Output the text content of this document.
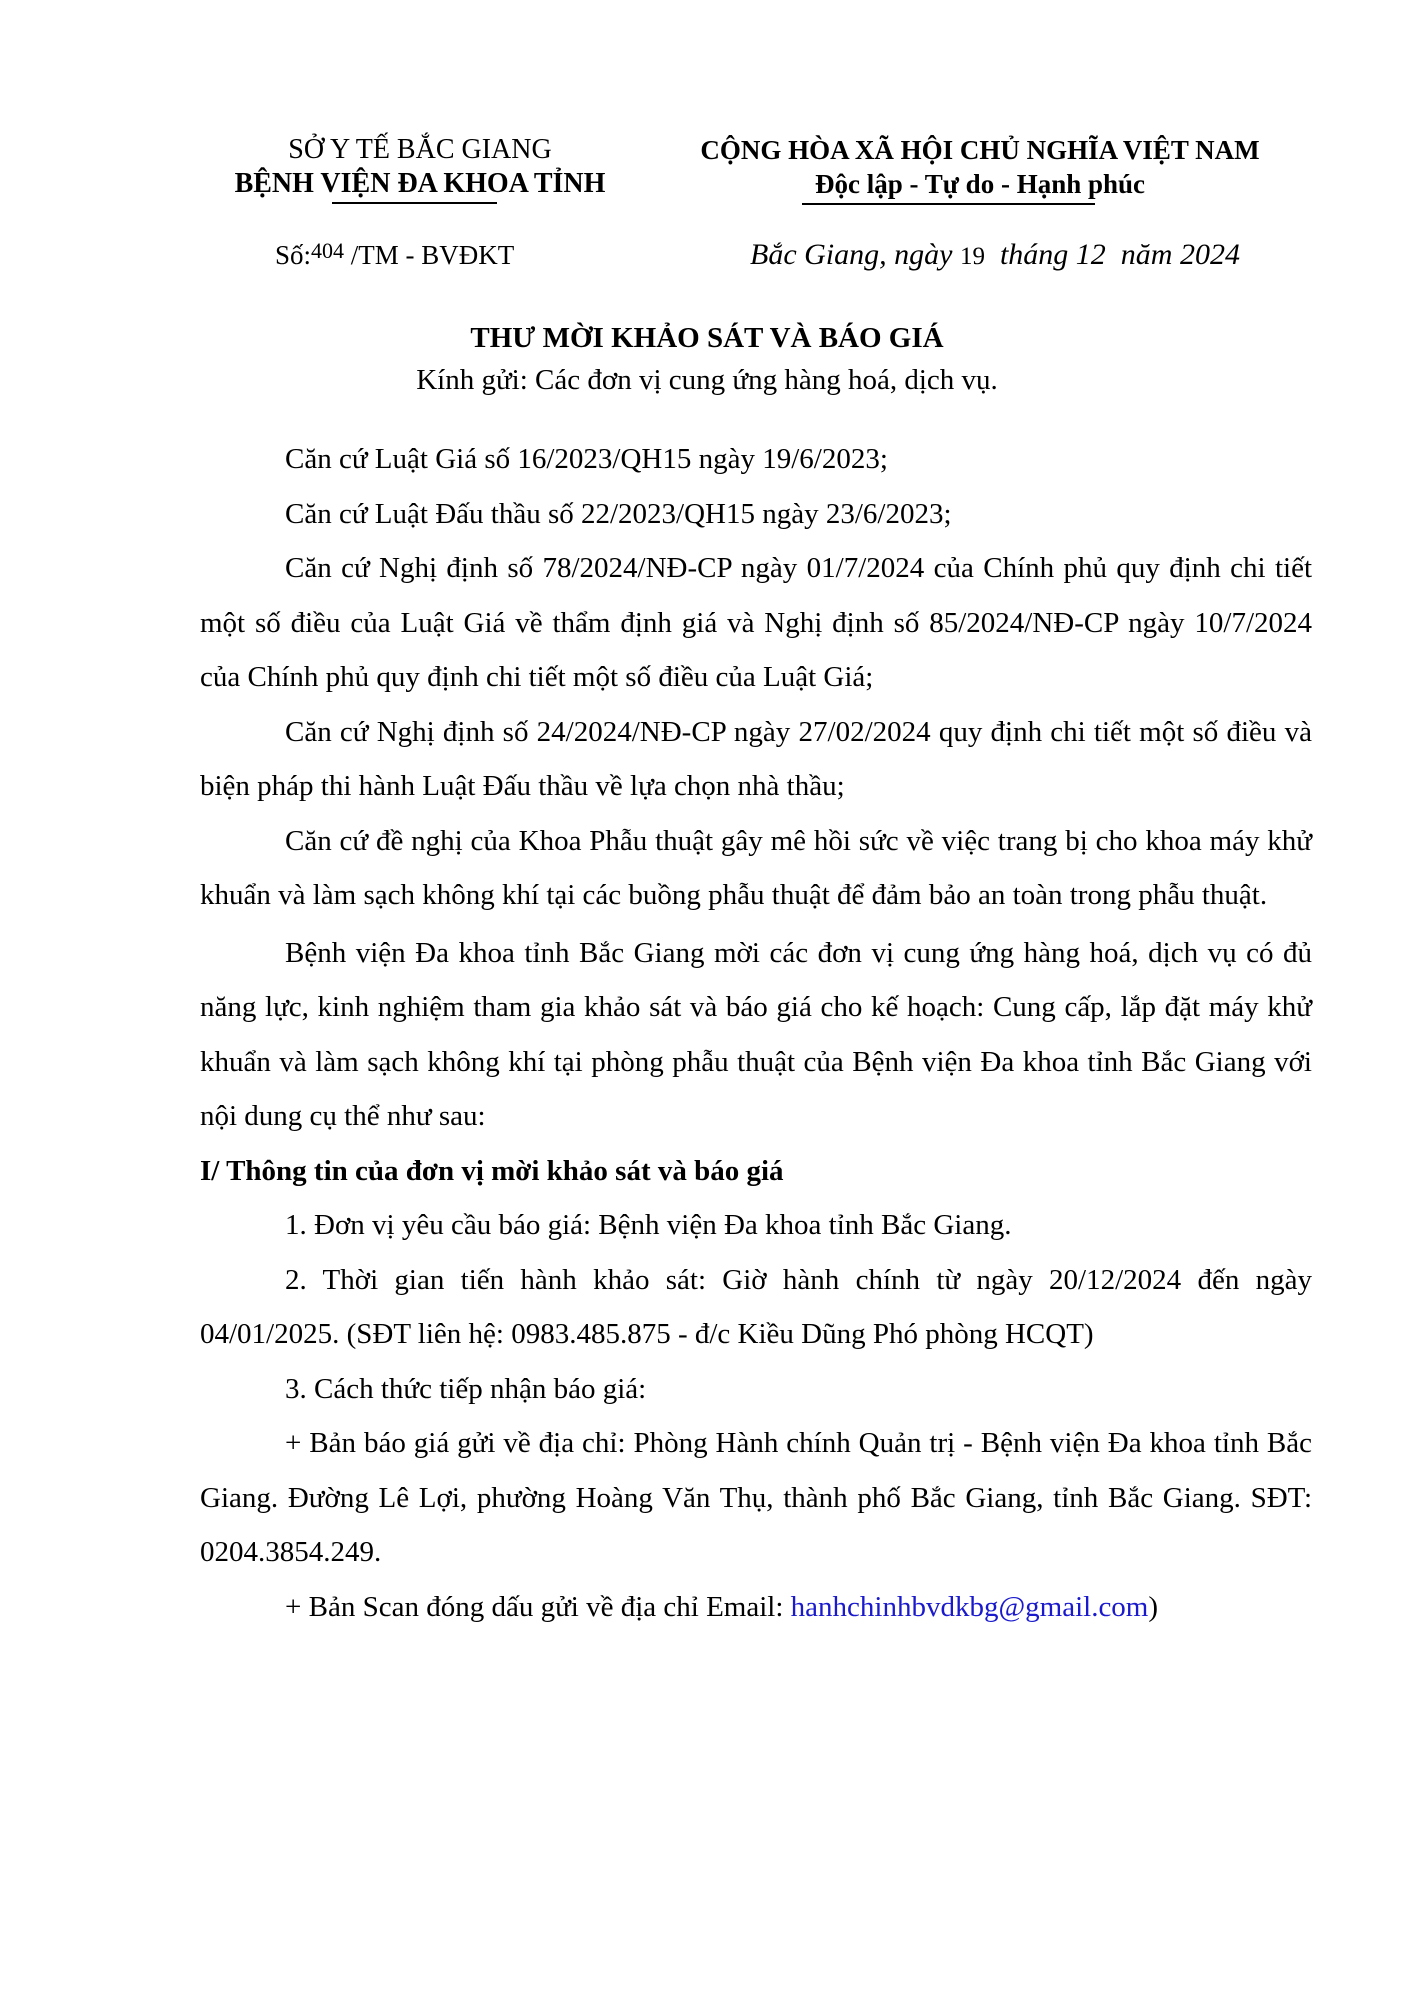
SỞ Y TẾ BẮC GIANG
BỆNH VIỆN ĐA KHOA TỈNH
CỘNG HÒA XÃ HỘI CHỦ NGHĨA VIỆT NAM
Độc lập - Tự do - Hạnh phúc
Số:$^{404}$ /TM - BVĐKT	Bắc Giang, ngày 19  tháng 12  năm 2024
THƯ MỜI KHẢO SÁT VÀ BÁO GIÁ
Kính gửi: Các đơn vị cung ứng hàng hoá, dịch vụ.

Căn cứ Luật Giá số 16/2023/QH15 ngày 19/6/2023;

Căn cứ Luật Đấu thầu số 22/2023/QH15 ngày 23/6/2023;

Căn cứ Nghị định số 78/2024/NĐ-CP ngày 01/7/2024 của Chính phủ quy định chi tiết một số điều của Luật Giá về thẩm định giá và Nghị định số 85/2024/NĐ-CP ngày 10/7/2024 của Chính phủ quy định chi tiết một số điều của Luật Giá;

Căn cứ Nghị định số 24/2024/NĐ-CP ngày 27/02/2024 quy định chi tiết một số điều và biện pháp thi hành Luật Đấu thầu về lựa chọn nhà thầu;

Căn cứ đề nghị của Khoa Phẫu thuật gây mê hồi sức về việc trang bị cho khoa máy khử khuẩn và làm sạch không khí tại các buồng phẫu thuật để đảm bảo an toàn trong phẫu thuật.

Bệnh viện Đa khoa tỉnh Bắc Giang mời các đơn vị cung ứng hàng hoá, dịch vụ có đủ năng lực, kinh nghiệm tham gia khảo sát và báo giá cho kế hoạch: Cung cấp, lắp đặt máy khử khuẩn và làm sạch không khí tại phòng phẫu thuật của Bệnh viện Đa khoa tỉnh Bắc Giang với nội dung cụ thể như sau:

I/ Thông tin của đơn vị mời khảo sát và báo giá

1. Đơn vị yêu cầu báo giá: Bệnh viện Đa khoa tỉnh Bắc Giang.

2. Thời gian tiến hành khảo sát: Giờ hành chính từ ngày 20/12/2024 đến ngày 04/01/2025. (SĐT liên hệ: 0983.485.875 - đ/c Kiều Dũng Phó phòng HCQT)

3. Cách thức tiếp nhận báo giá:

+ Bản báo giá gửi về địa chỉ: Phòng Hành chính Quản trị - Bệnh viện Đa khoa tỉnh Bắc Giang. Đường Lê Lợi, phường Hoàng Văn Thụ, thành phố Bắc Giang, tỉnh Bắc Giang. SĐT: 0204.3854.249.

+ Bản Scan đóng dấu gửi về địa chỉ Email: hanhchinhbvdkbg@gmail.com)
